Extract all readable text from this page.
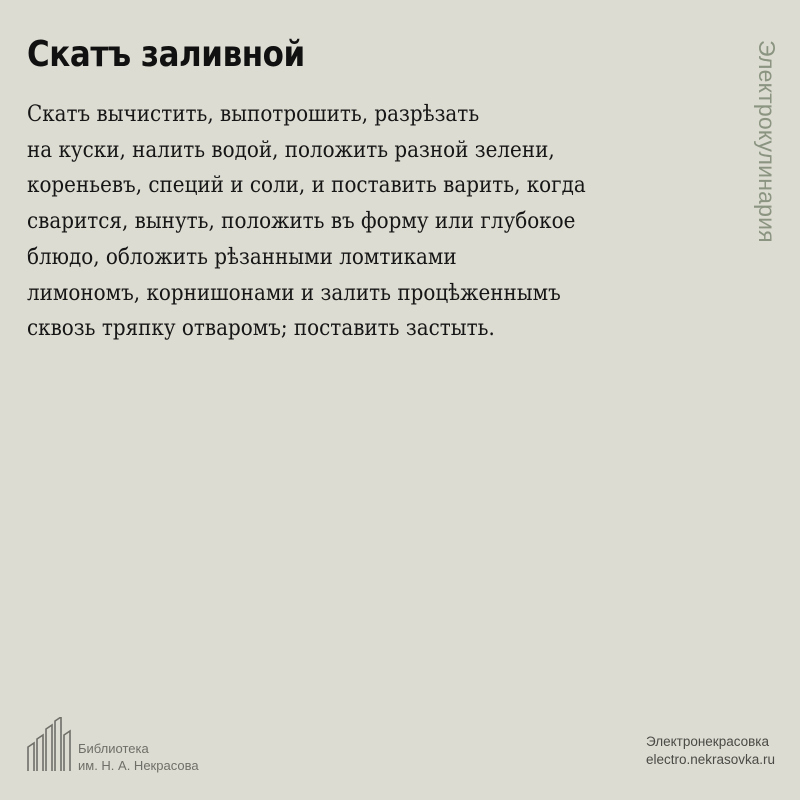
Скатъ заливной
Скатъ вычистить, выпотрошить, разрѣзать
на куски, налить водой, положить разной зелени,
кореньевъ, специй и соли, и поставить варить, когда
сварится, вынуть, положить въ форму или глубокое
блюдо, обложить рѣзанными ломтиками
лимономъ, корнишонами и залить процѣженнымъ
сквозь тряпку отваромъ; поставить застыть.
Электрокулинария
Библиотека
им. Н. А. Некрасова
Электронекрасовка
electro.nekrasovka.ru
